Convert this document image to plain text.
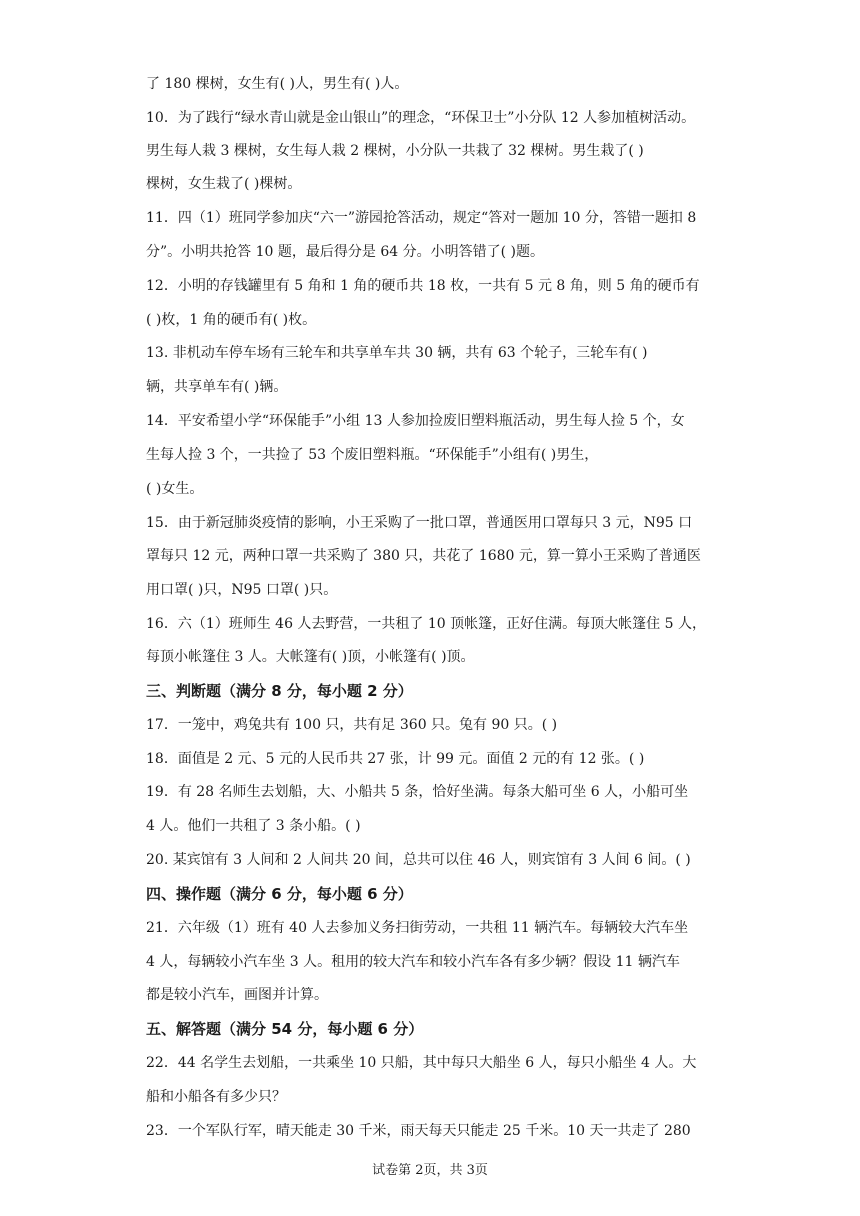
了 180 棵树，女生有( )人，男生有( )人。
10．为了践行“绿水青山就是金山银山”的理念，“环保卫士”小分队 12 人参加植树活动。
男生每人栽 3 棵树，女生每人栽 2 棵树，小分队一共栽了 32 棵树。男生栽了( )
棵树，女生栽了( )棵树。
11．四（1）班同学参加庆“六一”游园抢答活动，规定“答对一题加 10 分，答错一题扣 8
分”。小明共抢答 10 题，最后得分是 64 分。小明答错了( )题。
12．小明的存钱罐里有 5 角和 1 角的硬币共 18 枚，一共有 5 元 8 角，则 5 角的硬币有
( )枚，1 角的硬币有( )枚。
13. 非机动车停车场有三轮车和共享单车共 30 辆，共有 63 个轮子，三轮车有( )
辆，共享单车有( )辆。
14．平安希望小学“环保能手”小组 13 人参加捡废旧塑料瓶活动，男生每人捡 5 个，女
生每人捡 3 个，一共捡了 53 个废旧塑料瓶。“环保能手”小组有( )男生，
( )女生。
15．由于新冠肺炎疫情的影响，小王采购了一批口罩，普通医用口罩每只 3 元，N95 口
罩每只 12 元，两种口罩一共采购了 380 只，共花了 1680 元，算一算小王采购了普通医
用口罩( )只，N95 口罩( )只。
16．六（1）班师生 46 人去野营，一共租了 10 顶帐篷，正好住满。每顶大帐篷住 5 人，
每顶小帐篷住 3 人。大帐篷有( )顶，小帐篷有( )顶。
三、判断题（满分 8 分，每小题 2 分）
17．一笼中，鸡兔共有 100 只，共有足 360 只。兔有 90 只。( )
18．面值是 2 元、5 元的人民币共 27 张，计 99 元。面值 2 元的有 12 张。( )
19．有 28 名师生去划船，大、小船共 5 条，恰好坐满。每条大船可坐 6 人，小船可坐
4 人。他们一共租了 3 条小船。( )
20. 某宾馆有 3 人间和 2 人间共 20 间，总共可以住 46 人，则宾馆有 3 人间 6 间。( )
四、操作题（满分 6 分，每小题 6 分）
21．六年级（1）班有 40 人去参加义务扫街劳动，一共租 11 辆汽车。每辆较大汽车坐
4 人，每辆较小汽车坐 3 人。租用的较大汽车和较小汽车各有多少辆？假设 11 辆汽车
都是较小汽车，画图并计算。
五、解答题（满分 54 分，每小题 6 分）
22．44 名学生去划船，一共乘坐 10 只船，其中每只大船坐 6 人，每只小船坐 4 人。大
船和小船各有多少只？
23．一个军队行军，晴天能走 30 千米，雨天每天只能走 25 千米。10 天一共走了 280
试卷第 2页，共 3页
